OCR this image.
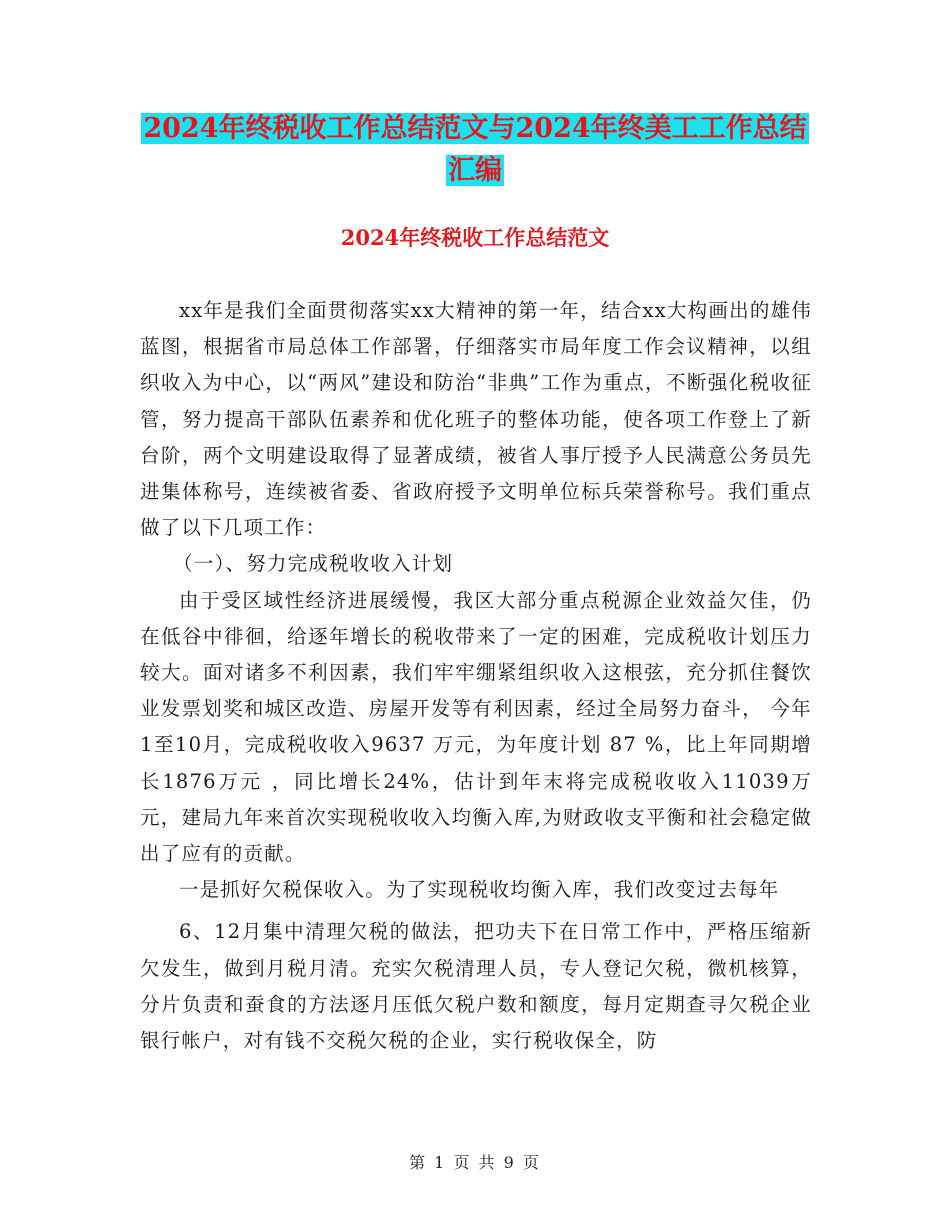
2024年终税收工作总结范文与2024年终美工工作总结
汇编
2024年终税收工作总结范文

xx年是我们全面贯彻落实xx大精神的第一年，结合xx大构画出的雄伟蓝图，根据省市局总体工作部署，仔细落实市局年度工作会议精神，以组织收入为中心，以“两风”建设和防治“非典”工作为重点，不断强化税收征管，努力提高干部队伍素养和优化班子的整体功能，使各项工作登上了新台阶，两个文明建设取得了显著成绩，被省人事厅授予人民满意公务员先进集体称号，连续被省委、省政府授予文明单位标兵荣誉称号。我们重点做了以下几项工作：

（一）、努力完成税收收入计划

由于受区域性经济进展缓慢，我区大部分重点税源企业效益欠佳，仍在低谷中徘徊，给逐年增长的税收带来了一定的困难，完成税收计划压力较大。面对诸多不利因素，我们牢牢绷紧组织收入这根弦，充分抓住餐饮业发票划奖和城区改造、房屋开发等有利因素，经过全局努力奋斗， 今年1至10月，完成税收收入9637 万元，为年度计划 87 %，比上年同期增长1876万元 ，同比增长24%，估计到年末将完成税收收入11039万元，建局九年来首次实现税收收入均衡入库,为财政收支平衡和社会稳定做出了应有的贡献。

一是抓好欠税保收入。为了实现税收均衡入库，我们改变过去每年

6、12月集中清理欠税的做法，把功夫下在日常工作中，严格压缩新欠发生，做到月税月清。充实欠税清理人员，专人登记欠税，微机核算，分片负责和蚕食的方法逐月压低欠税户数和额度，每月定期查寻欠税企业银行帐户，对有钱不交税欠税的企业，实行税收保全，防

第 1 页 共 9 页
